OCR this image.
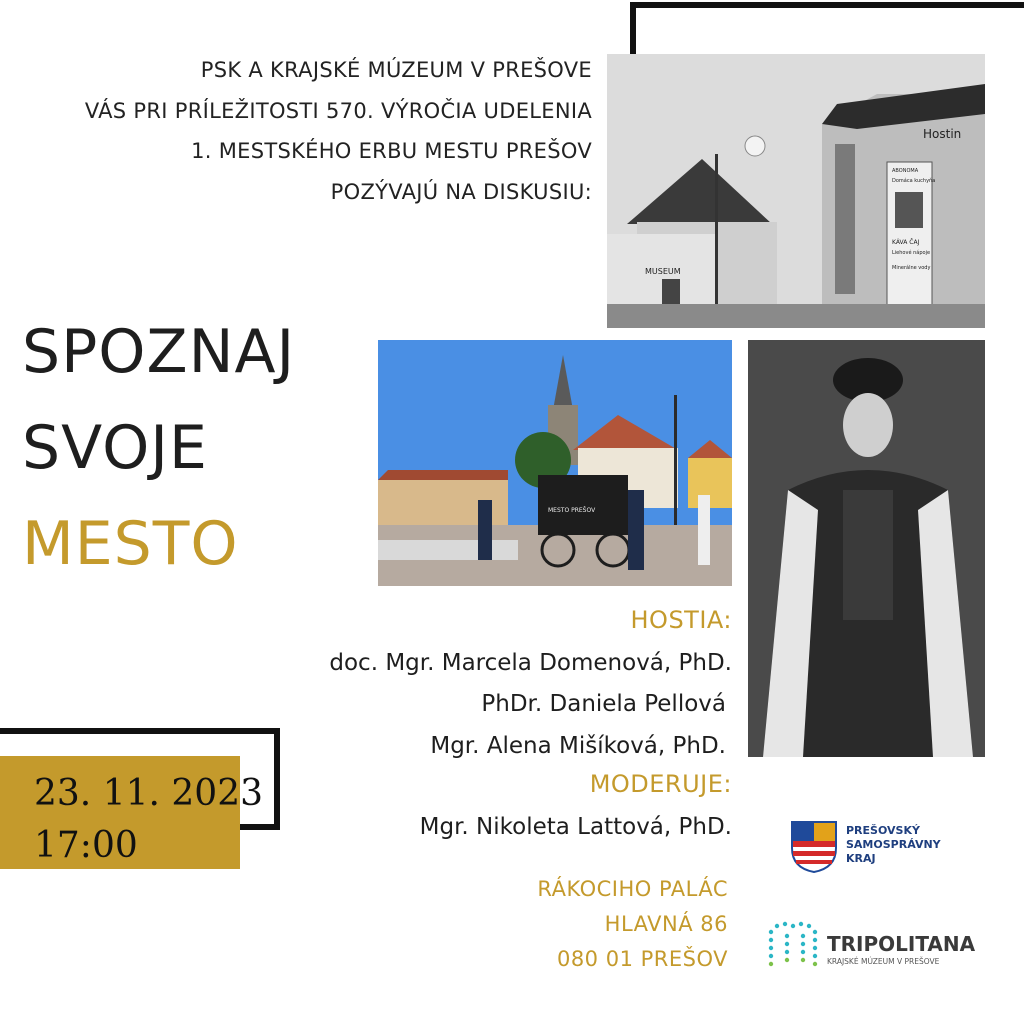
PSK A KRAJSKÉ MÚZEUM V PREŠOVE
VÁS PRI PRÍLEŽITOSTI 570. VÝROČIA UDELENIA
1. MESTSKÉHO ERBU MESTU PREŠOV
POZÝVAJÚ NA DISKUSIU:
MUSEUM
Hostin
ABONOMA
Domáca kuchyňa
KÁVA ČAJ
Liehové nápoje
Minerálne vody
SPOZNAJ
SVOJE
MESTO	MESTO PREŠOV
HOSTIA:
doc. Mgr. Marcela Domenová, PhD.
PhDr. Daniela Pellová
Mgr. Alena Mišíková, PhD.
MODERUJE:
Mgr. Nikoleta Lattová, PhD.
23. 11. 2023
17:00
RÁKOCIHO PALÁC
HLAVNÁ 86
080 01 PREŠOV
PREŠOVSKÝ
SAMOSPRÁVNY
KRAJ
TRIPOLITANA
KRAJSKÉ MÚZEUM V PREŠOVE
